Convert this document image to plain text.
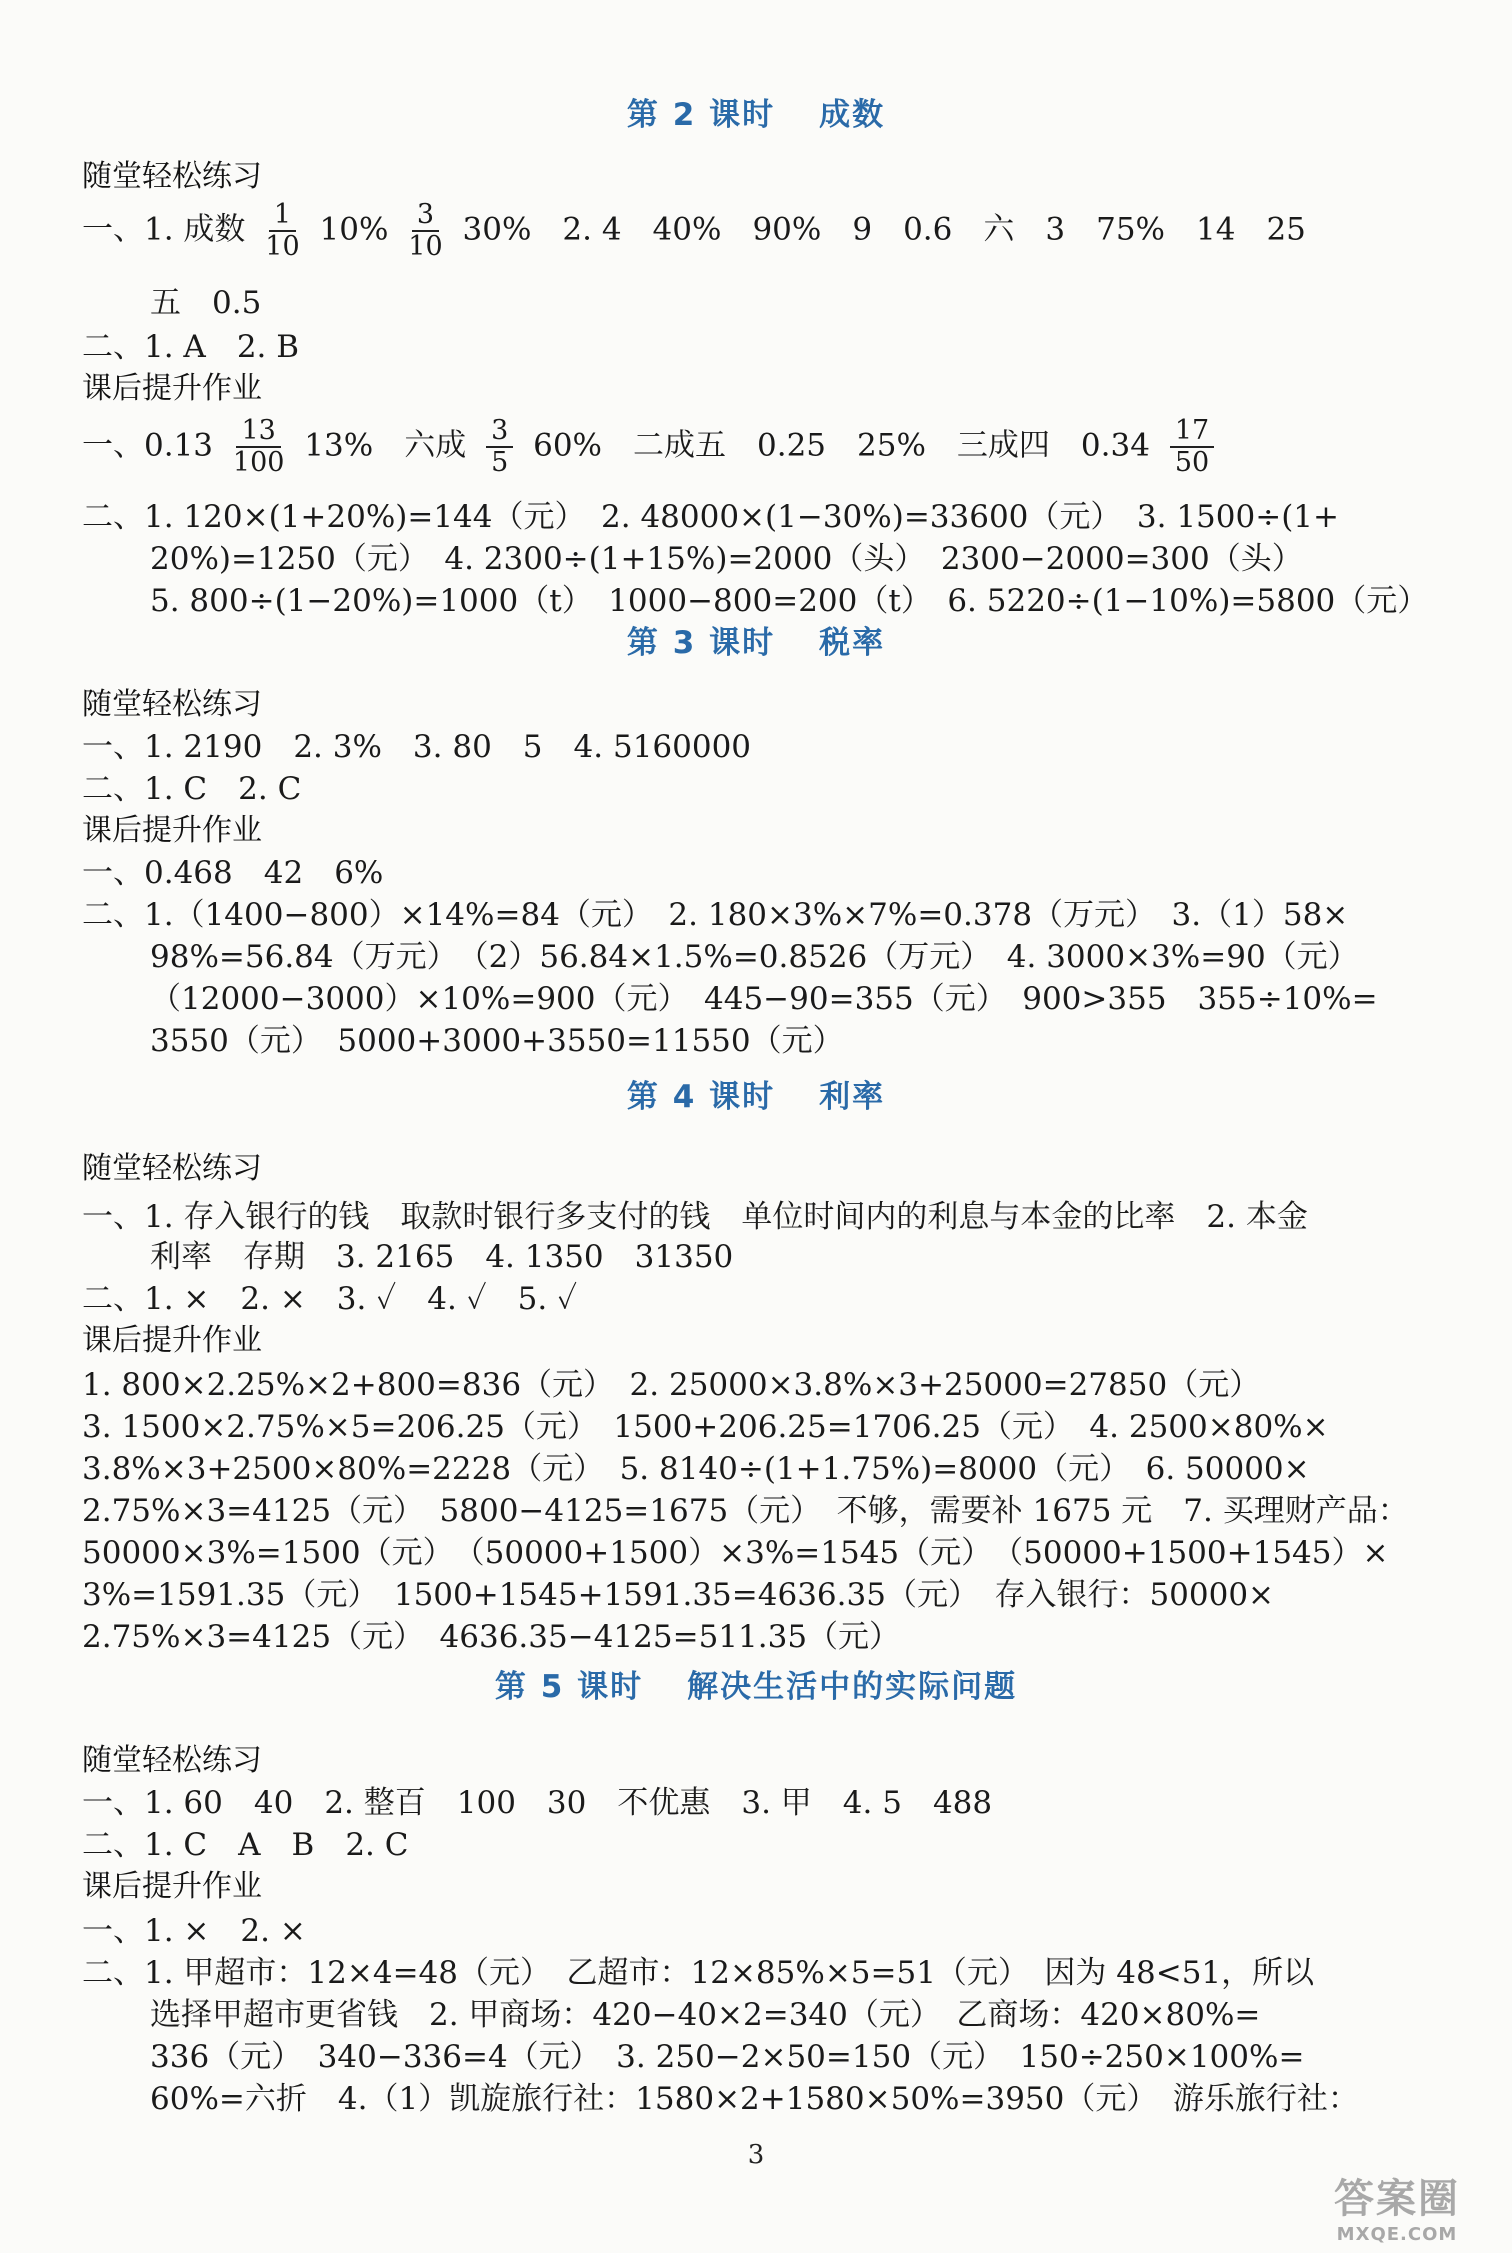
第 2 课时 成数
随堂轻松练习
一、1. 成数 $\frac{1}{10} 10\% \frac{3}{10} 30\%$　2. 4　40%　90%　9　0.6　六　3　75%　14　25
五　0.5
二、1. A　2. B
课后提升作业
一、$0.13 \frac{13}{100} 13\%$　六成 $\frac{3}{5} 60\%$　二成五　0.25　25%　三成四　$0.34 \frac{17}{50}$
二、1. 120×(1+20%)=144（元）　2. 48000×(1−30%)=33600（元）　3. 1500÷(1+
20%)=1250（元）　4. 2300÷(1+15%)=2000（头）　2300−2000=300（头）
5. 800÷(1−20%)=1000（t）　1000−800=200（t）　6. 5220÷(1−10%)=5800（元）
第 3 课时 税率
随堂轻松练习
一、1. 2190　2. 3%　3. 80　5　4. 5160000
二、1. C　2. C
课后提升作业
一、0.468　42　6%
二、1.（1400−800）×14%=84（元）　2. 180×3%×7%=0.378（万元）　3.（1）58×
98%=56.84（万元）　（2）56.84×1.5%=0.8526（万元）　4. 3000×3%=90（元）
（12000−3000）×10%=900（元）　445−90=355（元）　900>355　355÷10%=
3550（元）　5000+3000+3550=11550（元）
第 4 课时 利率
随堂轻松练习
一、1. 存入银行的钱　取款时银行多支付的钱　单位时间内的利息与本金的比率　2. 本金
利率　存期　3. 2165　4. 1350　31350
二、1. ×　2. ×　3. ✓　4. ✓　5. ✓
课后提升作业
1. 800×2.25%×2+800=836（元）　2. 25000×3.8%×3+25000=27850（元）
3. 1500×2.75%×5=206.25（元）　1500+206.25=1706.25（元）　4. 2500×80%×
3.8%×3+2500×80%=2228（元）　5. 8140÷(1+1.75%)=8000（元）　6. 50000×
2.75%×3=4125（元）　5800−4125=1675（元）　不够，需要补 1675 元　7. 买理财产品：
50000×3%=1500（元）　（50000+1500）×3%=1545（元）　（50000+1500+1545）×
3%=1591.35（元）　1500+1545+1591.35=4636.35（元）　存入银行：50000×
2.75%×3=4125（元）　4636.35−4125=511.35（元）
第 5 课时 解决生活中的实际问题
随堂轻松练习
一、1. 60　40　2. 整百　100　30　不优惠　3. 甲　4. 5　488
二、1. C　A　B　2. C
课后提升作业
一、1. ×　2. ×
二、1. 甲超市：12×4=48（元）　乙超市：12×85%×5=51（元）　因为 48<51，所以
选择甲超市更省钱　2. 甲商场：420−40×2=340（元）　乙商场：420×80%=
336（元）　340−336=4（元）　3. 250−2×50=150（元）　150÷250×100%=
60%=六折　4.（1）凯旋旅行社：1580×2+1580×50%=3950（元）　游乐旅行社：
3
答案圈
MXQE.COM
